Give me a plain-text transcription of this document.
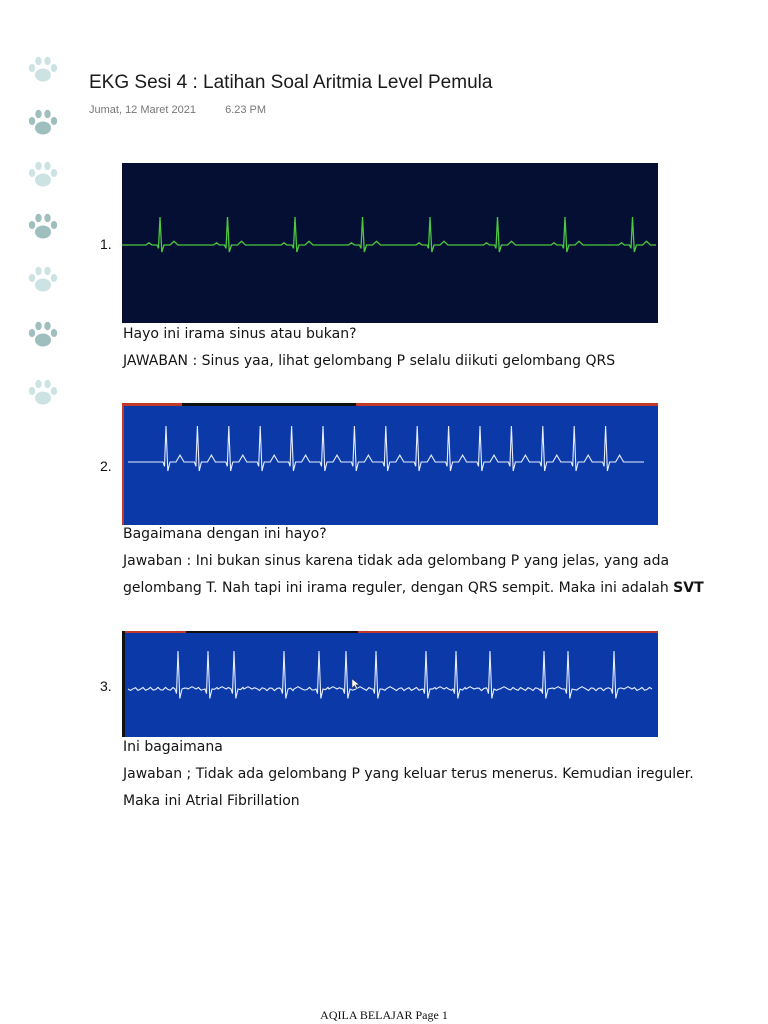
EKG Sesi 4 : Latihan Soal Aritmia Level Pemula
Jumat, 12 Maret 2021	6.23 PM
1.
Hayo ini irama sinus atau bukan?
JAWABAN : Sinus yaa, lihat gelombang P selalu diikuti gelombang QRS
2.
Bagaimana dengan ini hayo?
Jawaban : Ini bukan sinus karena tidak ada gelombang P yang jelas, yang ada
gelombang T. Nah tapi ini irama reguler, dengan QRS sempit. Maka ini adalah SVT
3.
Ini bagaimana
Jawaban ; Tidak ada gelombang P yang keluar terus menerus. Kemudian ireguler.
Maka ini Atrial Fibrillation
AQILA BELAJAR Page 1
